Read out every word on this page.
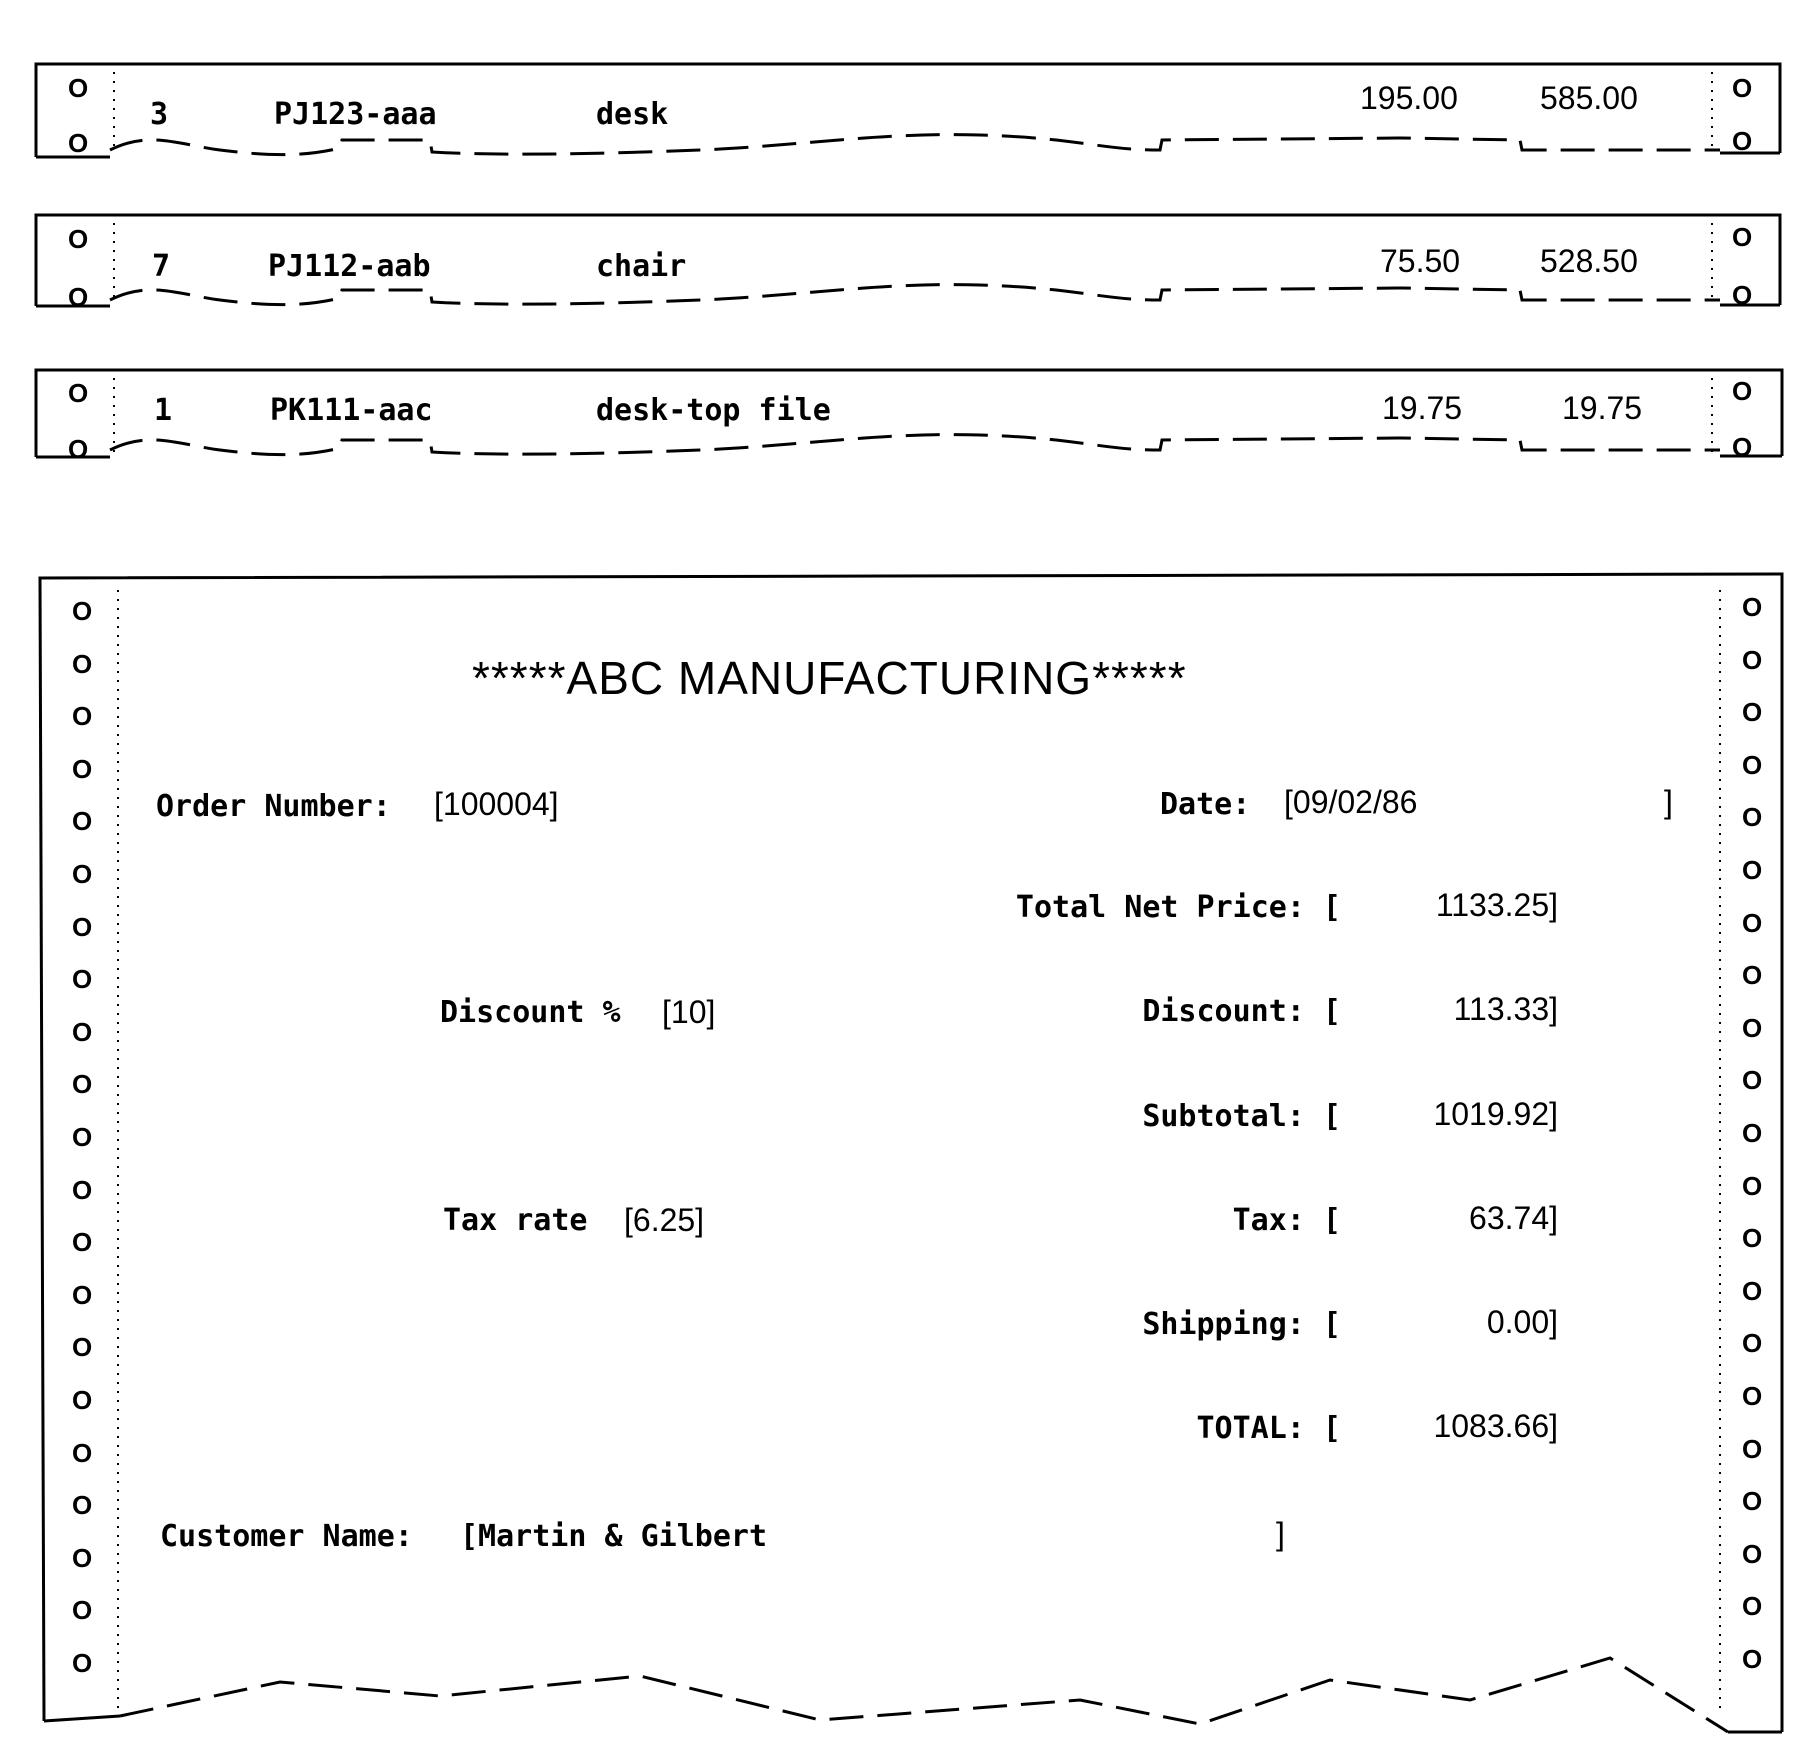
O
O
O
O
O
O
O
O
O
O
O
O
O	O
O	O
O	O
O	O
O	O
O	O
O	O
O	O
O	O
O	O
O	O
O	O
O	O
O	O
O	O
O	O
O	O
O	O
O	O
O	O
O	O
3	PJ123-aaa	desk	195.00	585.00
7	PJ112-aab	chair	75.50 528.50
1	PK111-aac	desk-top file	19.75	19.75
*****ABC MANUFACTURING*****
Order Number: [100004]	Date: [09/02/86	]
Discount % [10]
Tax rate [6.25]
Total Net Price: [	1133.25]
Discount: [	113.33]
Subtotal: [	1019.92]
Tax: [	63.74]
Shipping: [	0.00]
TOTAL: [	1083.66]
Customer Name: [Martin & Gilbert	]
